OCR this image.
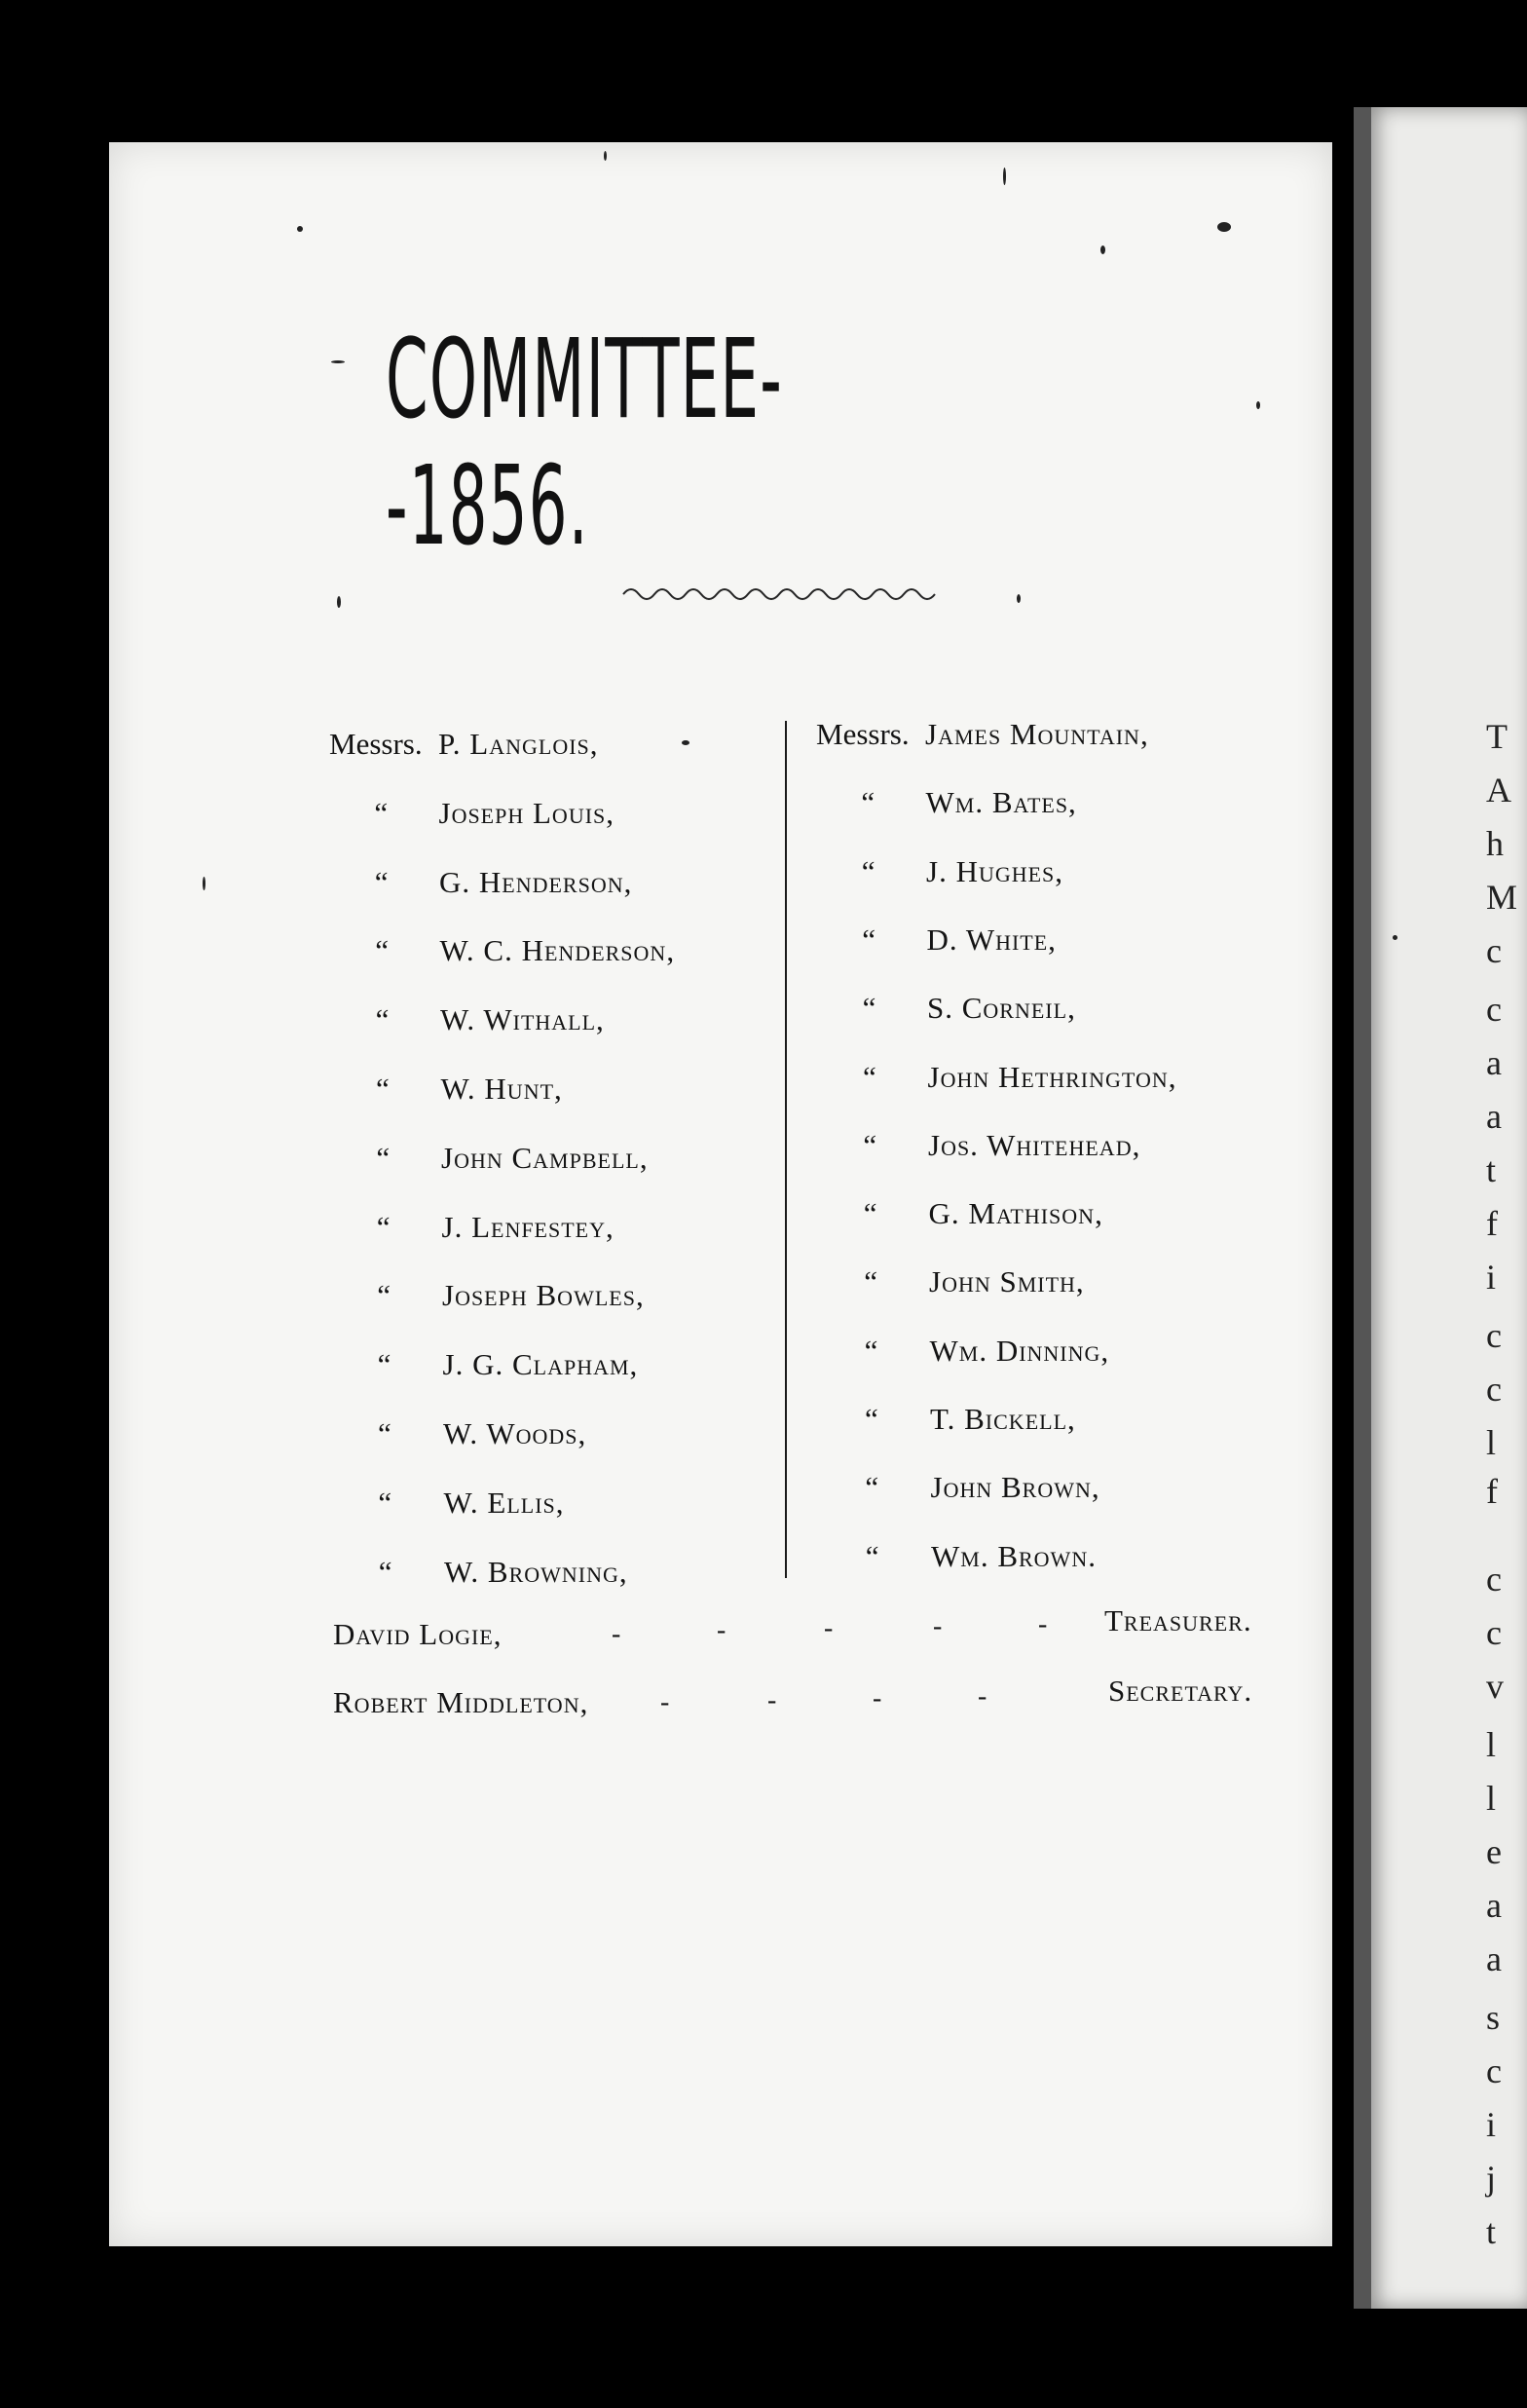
T
A
h
M
c
c
a
a
t
f
i
c
c
l
f
c
c
v
l
l
e
a
a
s
c
i
j
t
COMMITTEE--1856.
Messrs. P. Langlois,
“ Joseph Louis,
“ G. Henderson,
“ W. C. Henderson,
“ W. Withall,
“ W. Hunt,
“ John Campbell,
“ J. Lenfestey,
“ Joseph Bowles,
“ J. G. Clapham,
“ W. Woods,
“ W. Ellis,
“ W. Browning,
Messrs. James Mountain,
“ Wm. Bates,
“ J. Hughes,
“ D. White,
“ S. Corneil,
“ John Hethrington,
“ Jos. Whitehead,
“ G. Mathison,
“ John Smith,
“ Wm. Dinning,
“ T. Bickell,
“ John Brown,
“ Wm. Brown.
David Logie,	-	-	-	-	- Treasurer.
Robert Middleton,	-	-	-	-	Secretary.
